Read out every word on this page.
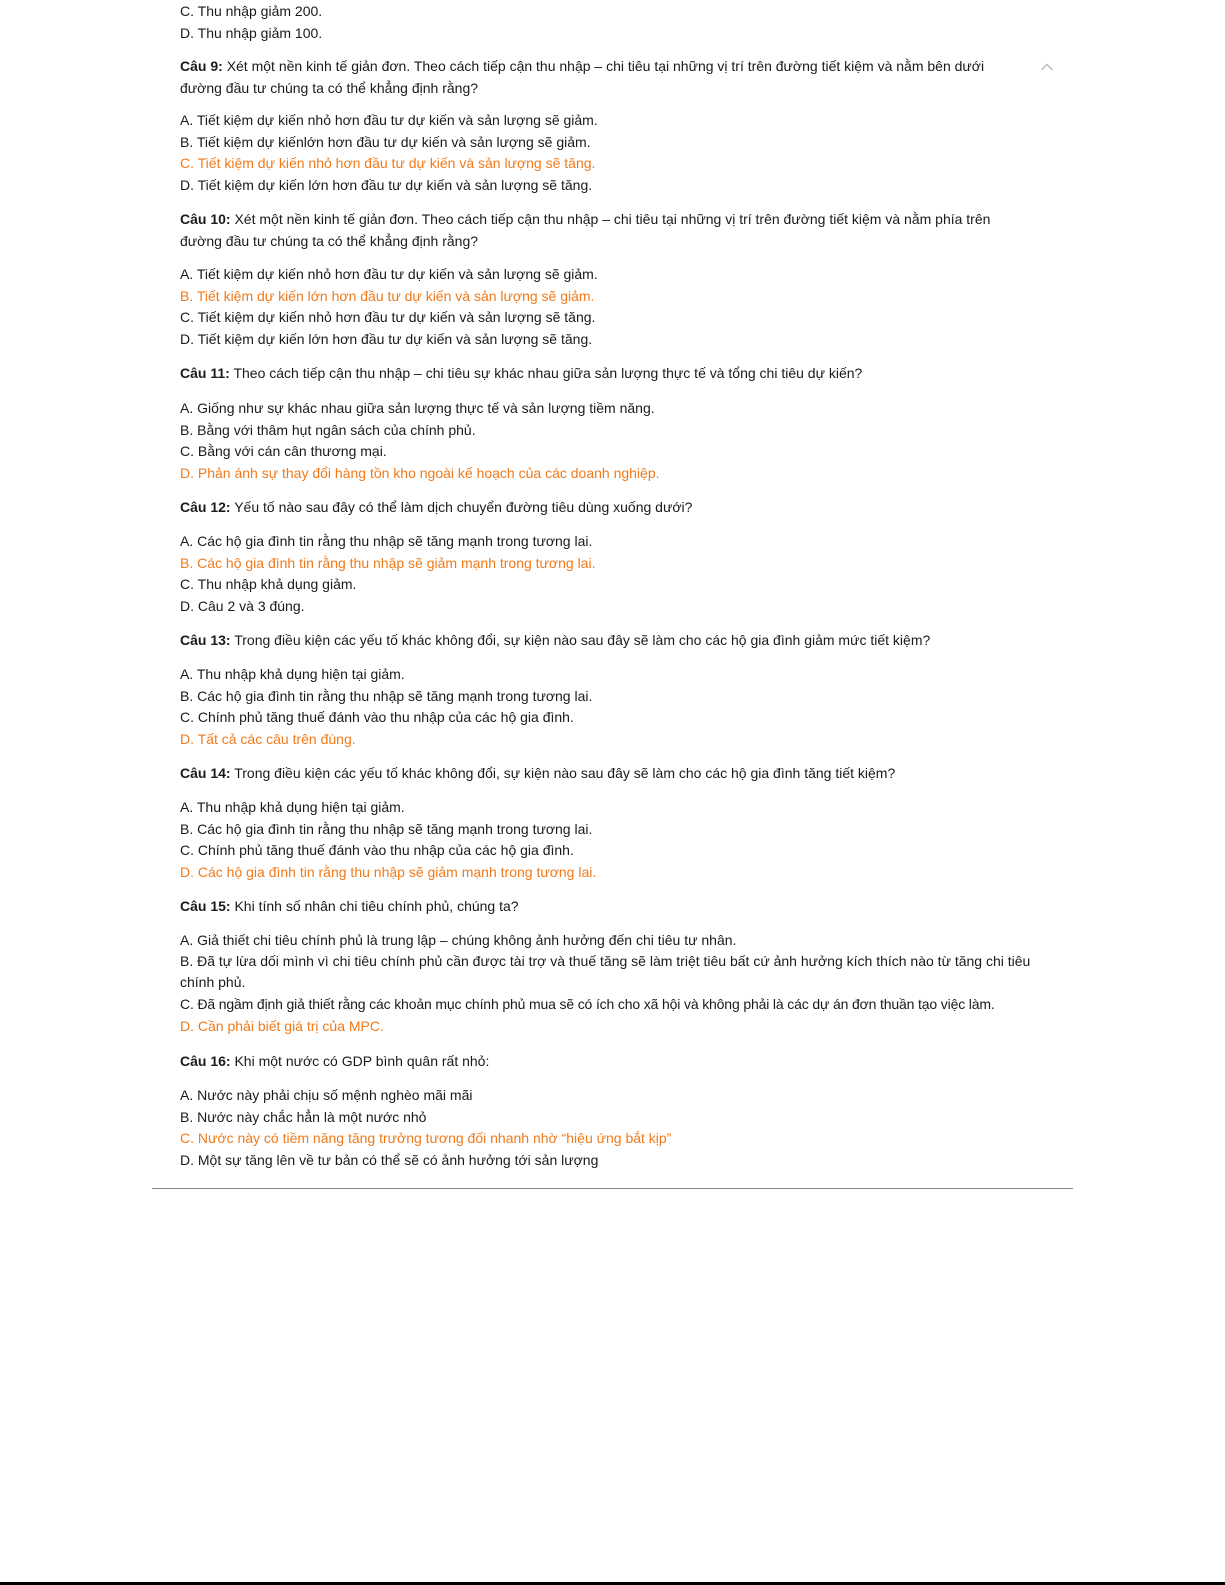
C. Thu nhập giảm 200.

D. Thu nhập giảm 100.

Câu 9: Xét một nền kinh tế giản đơn. Theo cách tiếp cận thu nhập – chi tiêu tại những vị trí trên đường tiết kiệm và nằm bên dưới đường đầu tư chúng ta có thể khẳng định rằng?

A. Tiết kiệm dự kiến nhỏ hơn đầu tư dự kiến và sản lượng sẽ giảm.

B. Tiết kiệm dự kiếnlớn hơn đầu tư dự kiến và sản lượng sẽ giảm.

C. Tiết kiệm dự kiến nhỏ hơn đầu tư dự kiến và sản lượng sẽ tăng.

D. Tiết kiệm dự kiến lớn hơn đầu tư dự kiến và sản lượng sẽ tăng.

Câu 10: Xét một nền kinh tế giản đơn. Theo cách tiếp cận thu nhập – chi tiêu tại những vị trí trên đường tiết kiệm và nằm phía trên đường đầu tư chúng ta có thể khẳng định rằng?

A. Tiết kiệm dự kiến nhỏ hơn đầu tư dự kiến và sản lượng sẽ giảm.

B. Tiết kiệm dự kiến lớn hơn đầu tư dự kiến và sản lượng sẽ giảm.

C. Tiết kiệm dự kiến nhỏ hơn đầu tư dự kiến và sản lượng sẽ tăng.

D. Tiết kiệm dự kiến lớn hơn đầu tư dự kiến và sản lượng sẽ tăng.

Câu 11: Theo cách tiếp cận thu nhập – chi tiêu sự khác nhau giữa sản lượng thực tế và tổng chi tiêu dự kiến?

A. Giống như sự khác nhau giữa sản lượng thực tế và sản lượng tiềm năng.

B. Bằng với thâm hụt ngân sách của chính phủ.

C. Bằng với cán cân thương mại.

D. Phản ánh sự thay đổi hàng tồn kho ngoài kế hoạch của các doanh nghiệp.

Câu 12: Yếu tố nào sau đây có thể làm dịch chuyển đường tiêu dùng xuống dưới?

A. Các hộ gia đình tin rằng thu nhập sẽ tăng mạnh trong tương lai.

B. Các hộ gia đình tin rằng thu nhập sẽ giảm mạnh trong tương lai.

C. Thu nhập khả dụng giảm.

D. Câu 2 và 3 đúng.

Câu 13: Trong điều kiện các yếu tố khác không đổi, sự kiện nào sau đây sẽ làm cho các hộ gia đình giảm mức tiết kiệm?

A. Thu nhập khả dụng hiện tại giảm.

B. Các hộ gia đình tin rằng thu nhập sẽ tăng mạnh trong tương lai.

C. Chính phủ tăng thuế đánh vào thu nhập của các hộ gia đình.

D. Tất cả các câu trên đúng.

Câu 14: Trong điều kiện các yếu tố khác không đổi, sự kiện nào sau đây sẽ làm cho các hộ gia đình tăng tiết kiệm?

A. Thu nhập khả dụng hiện tại giảm.

B. Các hộ gia đình tin rằng thu nhập sẽ tăng mạnh trong tương lai.

C. Chính phủ tăng thuế đánh vào thu nhập của các hộ gia đình.

D. Các hộ gia đình tin rằng thu nhập sẽ giảm mạnh trong tương lai.

Câu 15: Khi tính số nhân chi tiêu chính phủ, chúng ta?

A. Giả thiết chi tiêu chính phủ là trung lập – chúng không ảnh hưởng đến chi tiêu tư nhân.

B. Đã tự lừa dối mình vì chi tiêu chính phủ cần được tài trợ và thuế tăng sẽ làm triệt tiêu bất cứ ảnh hưởng kích thích nào từ tăng chi tiêu chính phủ.

C. Đã ngầm định giả thiết rằng các khoản mục chính phủ mua sẽ có ích cho xã hội và không phải là các dự án đơn thuần tạo việc làm.

D. Cần phải biết giá trị của MPC.

Câu 16: Khi một nước có GDP bình quân rất nhỏ:

A. Nước này phải chịu số mệnh nghèo mãi mãi

B. Nước này chắc hẳn là một nước nhỏ

C. Nước này có tiềm năng tăng trưởng tương đối nhanh nhờ “hiệu ứng bắt kịp”

D. Một sự tăng lên về tư bản có thể sẽ có ảnh hưởng tới sản lượng
